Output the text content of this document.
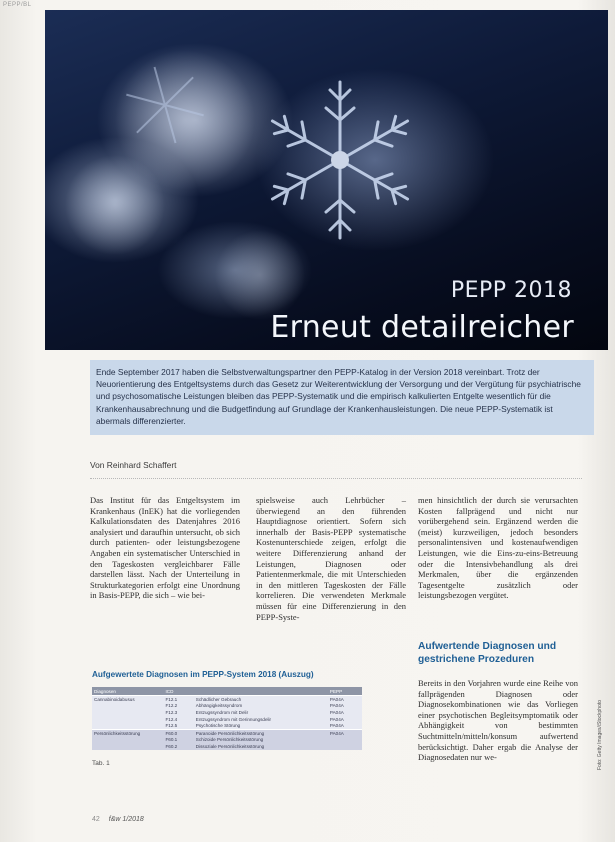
PEPP/BL
PEPP 2018
Erneut detailreicher

Ende September 2017 haben die Selbstverwaltungspartner den PEPP-Katalog in der Version 2018 vereinbart. Trotz der Neuorientierung des Entgeltsystems durch das Gesetz zur Weiterentwicklung der Versorgung und der Vergütung für psychiatrische und psychosomatische Leistungen bleiben das PEPP-Systematik und die empirisch kalkulierten Entgelte wesentlich für die Krankenhausabrechnung und die Budgetfindung auf Grundlage der Krankenhausleistungen. Die neue PEPP-Systematik ist abermals differenzierter.

Von Reinhard Schaffert

Das Institut für das Entgeltsystem im Krankenhaus (InEK) hat die vorliegenden Kalkulationsdaten des Datenjahres 2016 analysiert und daraufhin untersucht, ob sich durch patienten- oder leistungsbezogene Angaben ein systematischer Unterschied in den Tageskosten vergleichbarer Fälle darstellen lässt. Nach der Unterteilung in Strukturkategorien erfolgt eine Unordnung in Basis-PEPP, die sich – wie bei-

spielsweise auch Lehrbücher – überwiegend an den führenden Hauptdiagnose orientiert. Sofern sich innerhalb der Basis-PEPP systematische Kostenunterschiede zeigen, erfolgt die weitere Differenzierung anhand der Leistungen, Diagnosen oder Patientenmerkmale, die mit Unterschieden in den mittleren Tageskosten der Fälle korrelieren. Die verwendeten Merkmale müssen für eine Differenzierung in den PEPP-Syste-

men hinsichtlich der durch sie verursachten Kosten fallprägend und nicht nur vorübergehend sein. Ergänzend werden die (meist) kurzweiligen, jedoch besonders personalintensiven und kostenaufwendigen Leistungen, wie die Eins-zu-eins-Betreuung oder die Intensivbehandlung als drei Merkmalen, über die ergänzenden Tagesentgelte zusätzlich oder leistungsbezogen vergütet.

Aufwertende Diagnosen und gestrichene Prozeduren

Bereits in den Vorjahren wurde eine Reihe von fallprägenden Diagnosen oder Diagnosekombinationen wie das Vorliegen einer psychotischen Begleitsymptomatik oder Abhängigkeit von bestimmten Suchtmitteln/mitteln/konsum aufwertend berücksichtigt. Daher ergab die Analyse der Diagnosedaten nur we-

Aufgewertete Diagnosen im PEPP-System 2018 (Auszug)
Diagnosen	ICD		PEPP
Cannabinoidabusus	F12.1	Schädlicher Gebrauch	PA04A
	F12.2	Abhängigkeitssyndrom	PA04A
	F12.3	Entzugssyndrom mit Delir	PA04A
	F12.4	Entzugssyndrom mit Gerinnungsdelir	PA04A
	F12.5	Psychotische Störung	PA04A
Persönlichkeitsstörung	F60.0	Paranoide Persönlichkeitsstörung	PA04A
	F60.1	Schizoide Persönlichkeitsstörung	
	F60.2	Dissoziale Persönlichkeitsstörung	
Tab. 1	Foto: Getty Images/iStockphoto
42 f&w 1/2018
